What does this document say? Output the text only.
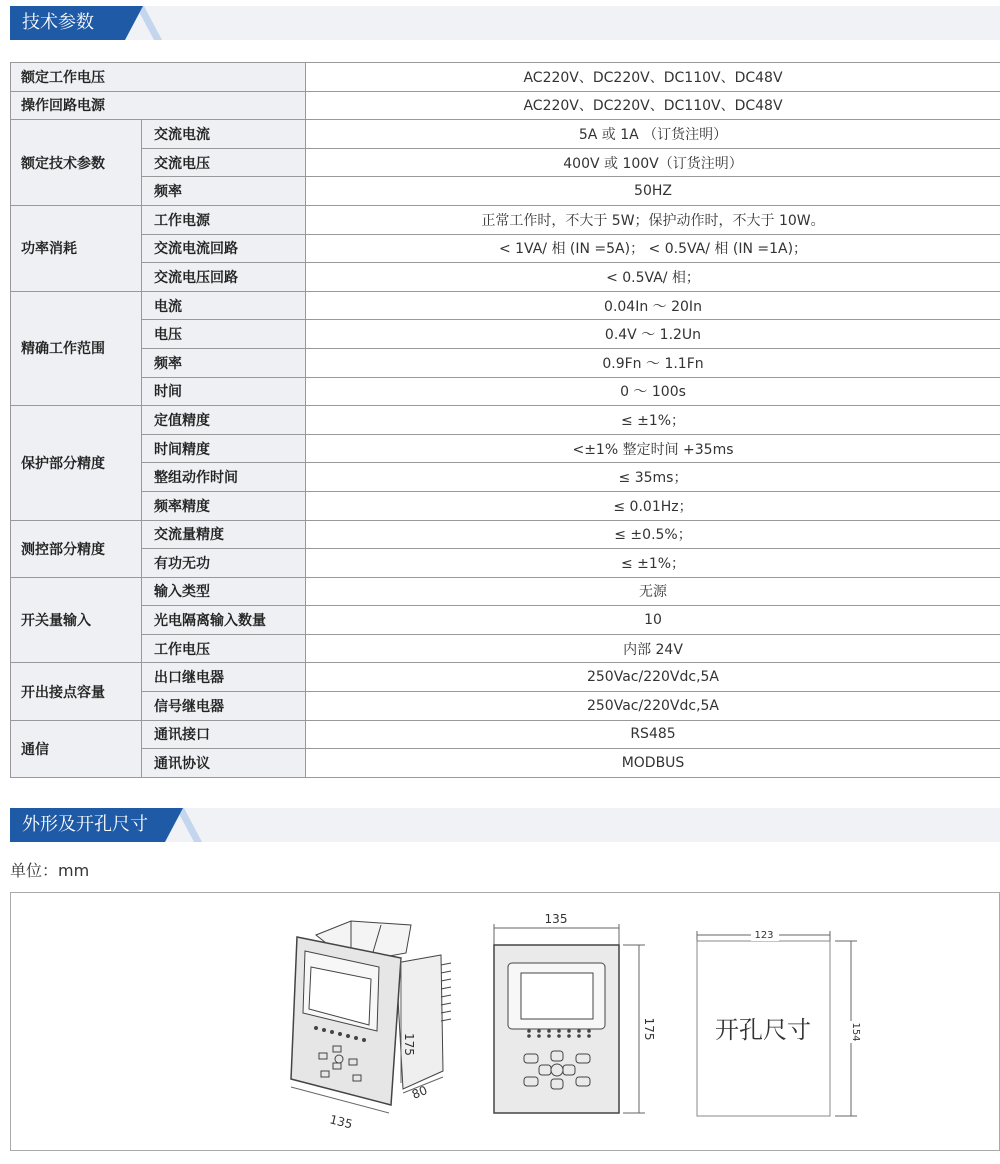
技术参数
额定工作电压		AC220V、DC220V、DC110V、DC48V
操作回路电源		AC220V、DC220V、DC110V、DC48V
额定技术参数	交流电流	5A 或 1A （订货注明）
	交流电压	400V 或 100V（订货注明）
	频率	50HZ
功率消耗	工作电源	正常工作时，不大于 5W；保护动作时，不大于 10W。
	交流电流回路	< 1VA/ 相 (IN =5A)； < 0.5VA/ 相 (IN =1A)；
	交流电压回路	< 0.5VA/ 相；
精确工作范围	电流	0.04In ～ 20In
	电压	0.4V ～ 1.2Un
	频率	0.9Fn ～ 1.1Fn
	时间	0 ～ 100s
保护部分精度	定值精度	≤ ±1%；
	时间精度	<±1% 整定时间 +35ms
	整组动作时间	≤ 35ms；
	频率精度	≤ 0.01Hz；
测控部分精度	交流量精度	≤ ±0.5%；
	有功无功	≤ ±1%；
开关量输入	输入类型	无源
	光电隔离输入数量	10
	工作电压	内部 24V
开出接点容量	出口继电器	250Vac/220Vdc,5A
	信号继电器	250Vac/220Vdc,5A
通信	通讯接口	RS485
	通讯协议	MODBUS
外形及开孔尺寸
单位：mm
135
175
80
135
175
123
154
开孔尺寸
